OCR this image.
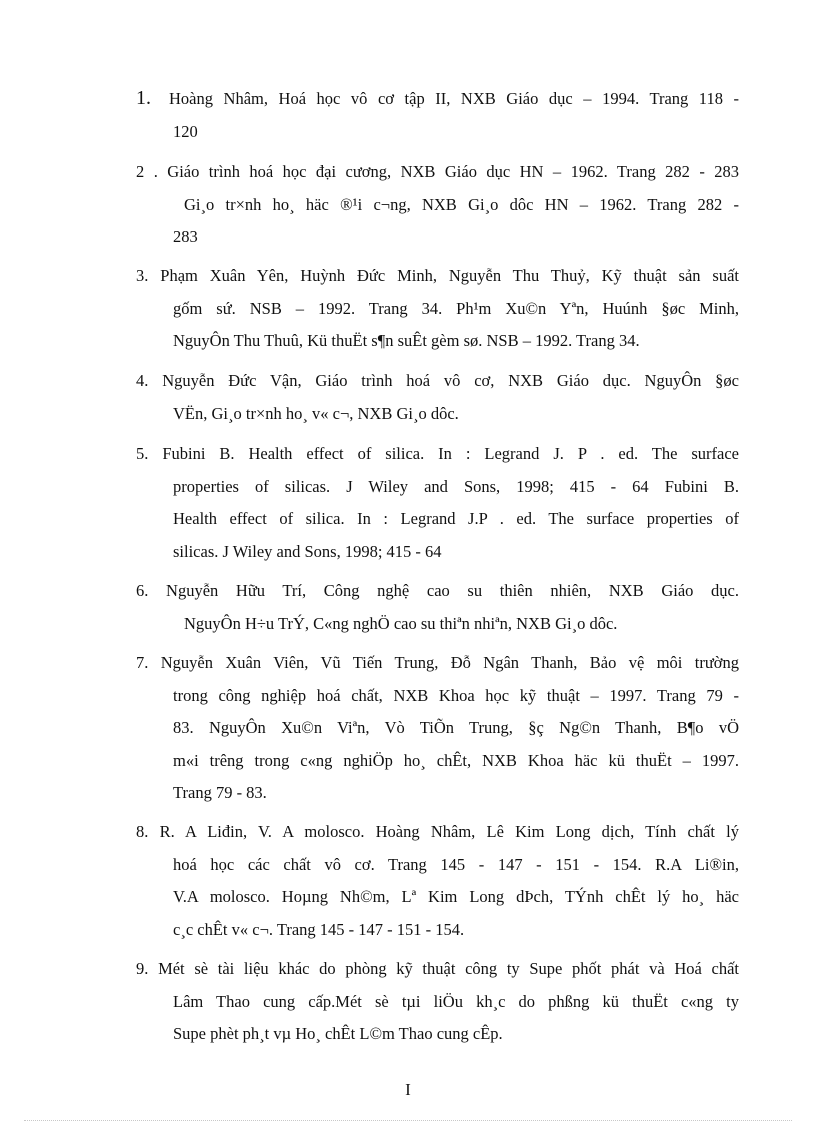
1. Hoàng Nhâm, Hoá học vô cơ tập II, NXB Giáo dục – 1994. Trang 118 -
120
2 . Giáo trình hoá học đại cương, NXB Giáo dục HN – 1962. Trang 282 - 283
Gi¸o tr×nh ho¸ häc ®¹i c¬ng, NXB Gi¸o dôc HN – 1962. Trang 282 -
283
3. Phạm Xuân Yên, Huỳnh Đức Minh, Nguyễn Thu Thuỷ, Kỹ thuật sản suất
gốm sứ. NSB – 1992. Trang 34. Ph¹m Xu©n Yªn, Huúnh §øc Minh,
NguyÔn Thu Thuû, Kü thuËt s¶n suÊt gèm sø. NSB – 1992. Trang 34.
4. Nguyễn Đức Vận, Giáo trình hoá vô cơ, NXB Giáo dục. NguyÔn §øc
VËn, Gi¸o tr×nh ho¸ v« c¬, NXB Gi¸o dôc.
5. Fubini B. Health effect of silica. In : Legrand J. P . ed. The surface
properties of silicas. J Wiley and Sons, 1998; 415 - 64 Fubini B.
Health effect of silica. In : Legrand J.P . ed. The surface properties of
silicas. J Wiley and Sons, 1998; 415 - 64
6. Nguyễn Hữu Trí, Công nghệ cao su thiên nhiên, NXB Giáo dục.
NguyÔn H÷u TrÝ, C«ng nghÖ cao su thiªn nhiªn, NXB Gi¸o dôc.
7. Nguyễn Xuân Viên, Vũ Tiến Trung, Đỗ Ngân Thanh, Bảo vệ môi trường
trong công nghiệp hoá chất, NXB Khoa học kỹ thuật – 1997. Trang 79 -
83. NguyÔn Xu©n Viªn, Vò TiÕn Trung, §ç Ng©n Thanh, B¶o vÖ
m«i trêng trong c«ng nghiÖp ho¸ chÊt, NXB Khoa häc kü thuËt – 1997.
Trang 79 - 83.
8. R. A Liđin, V. A molosco. Hoàng Nhâm, Lê Kim Long dịch, Tính chất lý
hoá học các chất vô cơ. Trang 145 - 147 - 151 - 154. R.A Li®in,
V.A molosco. Hoµng Nh©m, Lª Kim Long dÞch, TÝnh chÊt lý ho¸ häc
c¸c chÊt v« c¬. Trang 145 - 147 - 151 - 154.
9. Mét sè tài liệu khác do phòng kỹ thuật công ty Supe phốt phát và Hoá chất
Lâm Thao cung cấp.Mét sè tµi liÖu kh¸c do phßng kü thuËt c«ng ty
Supe phèt ph¸t vµ Ho¸ chÊt L©m Thao cung cÊp.
I
